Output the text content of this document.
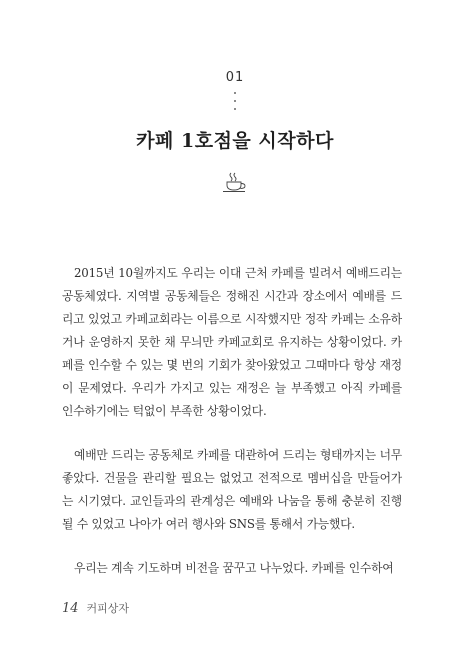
01
카페 1호점을 시작하다

2015년 10월까지도 우리는 이대 근처 카페를 빌려서 예배드리는 공동체였다. 지역별 공동체들은 정해진 시간과 장소에서 예배를 드리고 있었고 카페교회라는 이름으로 시작했지만 정작 카페는 소유하거나 운영하지 못한 채 무늬만 카페교회로 유지하는 상황이었다. 카페를 인수할 수 있는 몇 번의 기회가 찾아왔었고 그때마다 항상 재정이 문제였다. 우리가 가지고 있는 재정은 늘 부족했고 아직 카페를 인수하기에는 턱없이 부족한 상황이었다.

예배만 드리는 공동체로 카페를 대관하여 드리는 형태까지는 너무 좋았다. 건물을 관리할 필요는 없었고 전적으로 멤버십을 만들어가는 시기였다. 교인들과의 관계성은 예배와 나눔을 통해 충분히 진행될 수 있었고 나아가 여러 행사와 SNS를 통해서 가능했다.

우리는 계속 기도하며 비전을 꿈꾸고 나누었다. 카페를 인수하여

14 커피상자
